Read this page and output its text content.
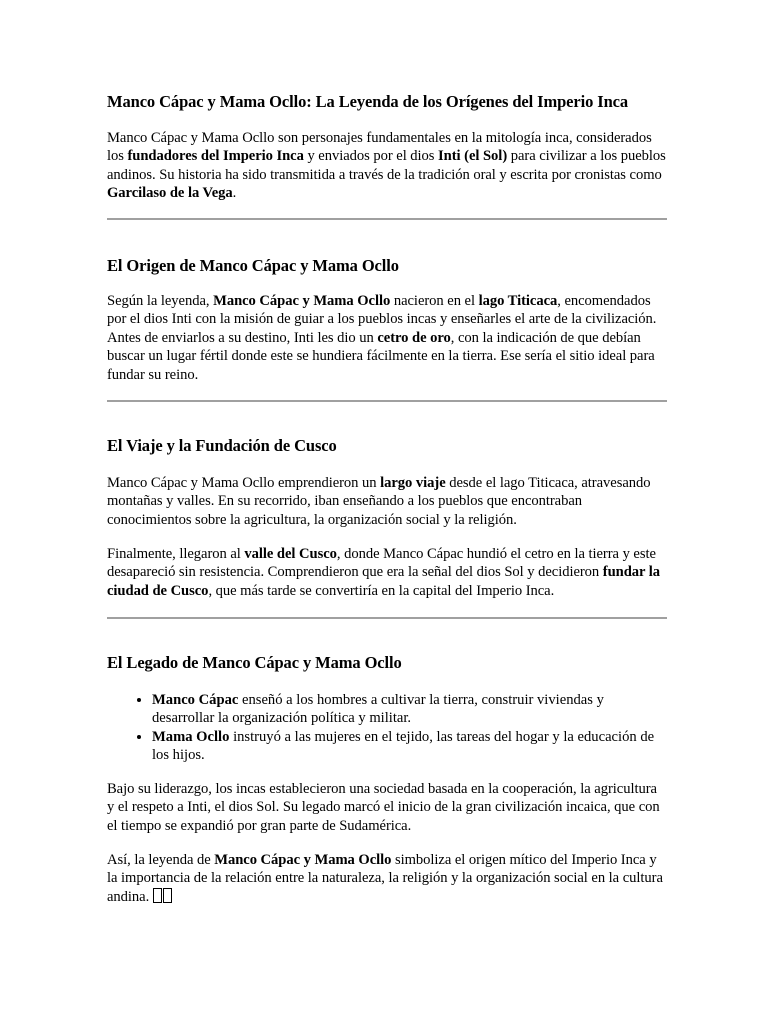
Manco Cápac y Mama Ocllo: La Leyenda de los Orígenes del Imperio Inca

Manco Cápac y Mama Ocllo son personajes fundamentales en la mitología inca, considerados los fundadores del Imperio Inca y enviados por el dios Inti (el Sol) para civilizar a los pueblos andinos. Su historia ha sido transmitida a través de la tradición oral y escrita por cronistas como Garcilaso de la Vega.

El Origen de Manco Cápac y Mama Ocllo

Según la leyenda, Manco Cápac y Mama Ocllo nacieron en el lago Titicaca, encomendados por el dios Inti con la misión de guiar a los pueblos incas y enseñarles el arte de la civilización. Antes de enviarlos a su destino, Inti les dio un cetro de oro, con la indicación de que debían buscar un lugar fértil donde este se hundiera fácilmente en la tierra. Ese sería el sitio ideal para fundar su reino.

El Viaje y la Fundación de Cusco

Manco Cápac y Mama Ocllo emprendieron un largo viaje desde el lago Titicaca, atravesando montañas y valles. En su recorrido, iban enseñando a los pueblos que encontraban conocimientos sobre la agricultura, la organización social y la religión.

Finalmente, llegaron al valle del Cusco, donde Manco Cápac hundió el cetro en la tierra y este desapareció sin resistencia. Comprendieron que era la señal del dios Sol y decidieron fundar la ciudad de Cusco, que más tarde se convertiría en la capital del Imperio Inca.

El Legado de Manco Cápac y Mama Ocllo
• Manco Cápac enseñó a los hombres a cultivar la tierra, construir viviendas y desarrollar la organización política y militar.
• Mama Ocllo instruyó a las mujeres en el tejido, las tareas del hogar y la educación de los hijos.

Bajo su liderazgo, los incas establecieron una sociedad basada en la cooperación, la agricultura y el respeto a Inti, el dios Sol. Su legado marcó el inicio de la gran civilización incaica, que con el tiempo se expandió por gran parte de Sudamérica.

Así, la leyenda de Manco Cápac y Mama Ocllo simboliza el origen mítico del Imperio Inca y la importancia de la relación entre la naturaleza, la religión y la organización social en la cultura andina.
